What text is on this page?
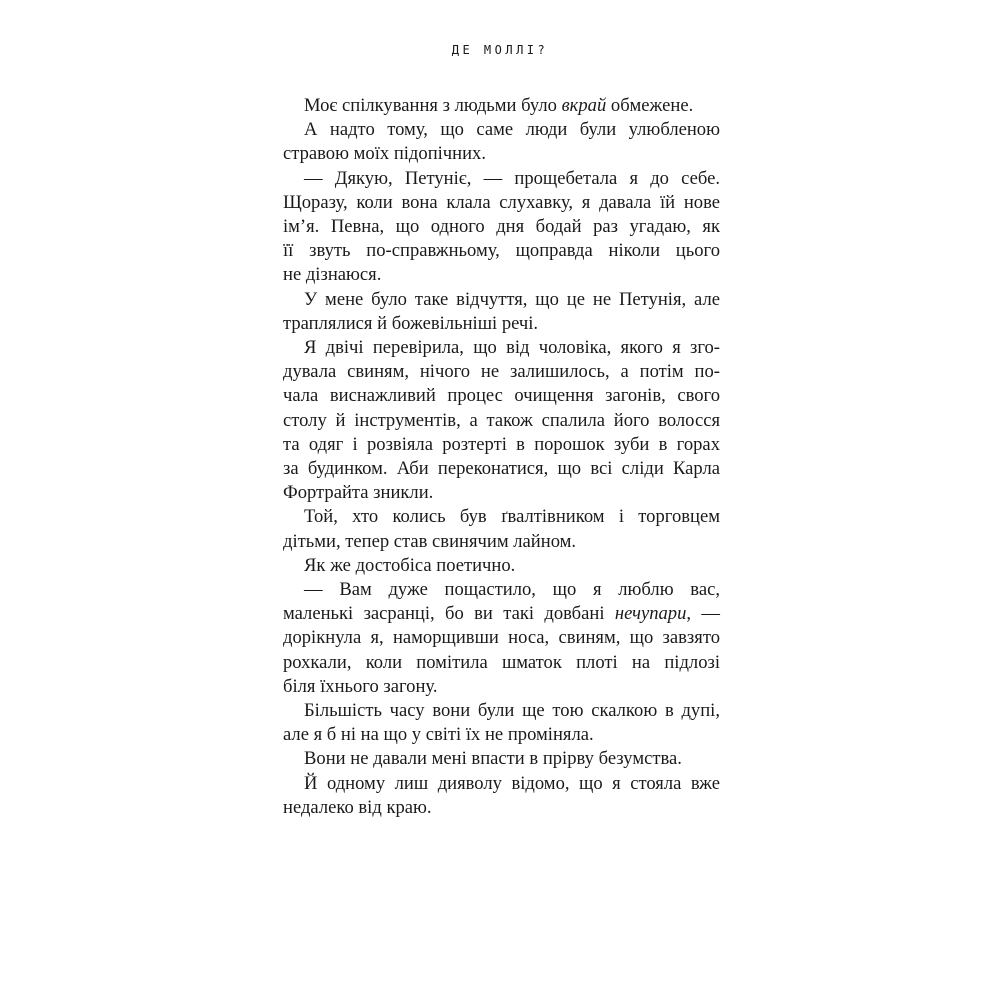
ДЕ МОЛЛІ?

Моє спілкування з людьми було вкрай обмежене.

А надто тому, що саме люди були улюбленою
стравою моїх підопічних.

— Дякую, Петуніє, — прощебетала я до себе.
Щоразу, коли вона клала слухавку, я давала їй нове
ім’я. Певна, що одного дня бодай раз угадаю, як
її звуть по-справжньому, щоправда ніколи цього
не дізнаюся.

У мене було таке відчуття, що це не Петунія, але
траплялися й божевільніші речі.

Я двічі перевірила, що від чоловіка, якого я зго-
дувала свиням, нічого не залишилось, а потім по-
чала виснажливий процес очищення загонів, свого
столу й інструментів, а також спалила його волосся
та одяг і розвіяла розтерті в порошок зуби в горах
за будинком. Аби переконатися, що всі сліди Карла
Фортрайта зникли.

Той, хто колись був ґвалтівником і торговцем
дітьми, тепер став свинячим лайном.

Як же достобіса поетично.

— Вам дуже пощастило, що я люблю вас,
маленькі засранці, бо ви такі довбані нечупари, —
дорікнула я, наморщивши носа, свиням, що завзято
рохкали, коли помітила шматок плоті на підлозі
біля їхнього загону.

Більшість часу вони були ще тою скалкою в дупі,
але я б ні на що у світі їх не проміняла.

Вони не давали мені впасти в прірву безумства.

Й одному лиш дияволу відомо, що я стояла вже
недалеко від краю.
